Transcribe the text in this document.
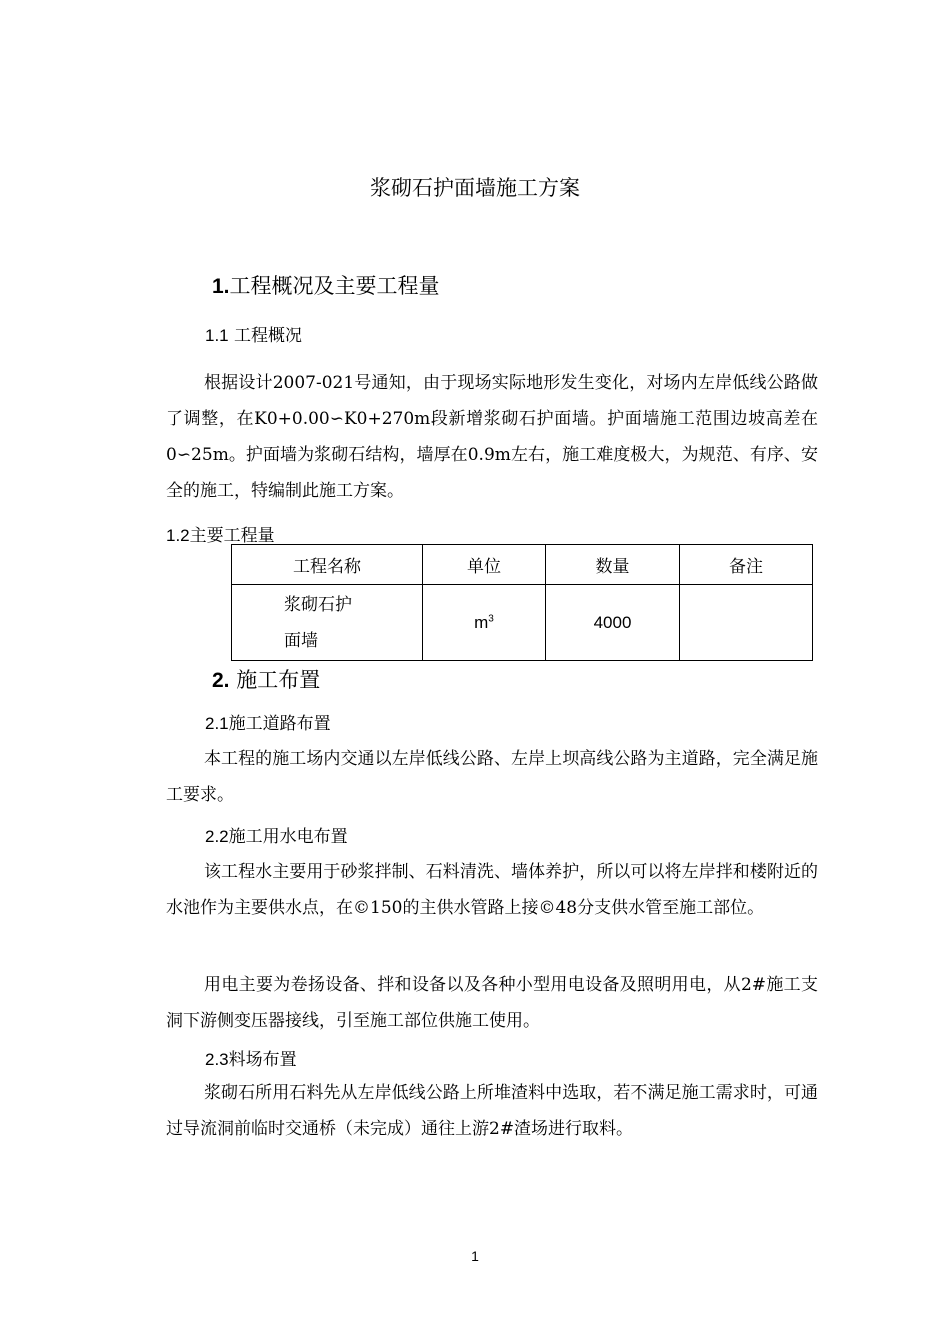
浆砌石护面墙施工方案
1.工程概况及主要工程量
1.1 工程概况
根据设计2007-021号通知，由于现场实际地形发生变化，对场内左岸低线公路做了调整，在K0+0.00∽K0+270m段新增浆砌石护面墙。护面墙施工范围边坡高差在0∽25m。护面墙为浆砌石结构，墙厚在0.9m左右，施工难度极大，为规范、有序、安全的施工，特编制此施工方案。
1.2主要工程量
工程名称	单位	数量	备注

浆砌石护面墙	$m^3$	4000	
2. 施工布置
2.1施工道路布置
本工程的施工场内交通以左岸低线公路、左岸上坝高线公路为主道路，完全满足施工要求。
2.2施工用水电布置
该工程水主要用于砂浆拌制、石料清洗、墙体养护，所以可以将左岸拌和楼附近的水池作为主要供水点，在©150的主供水管路上接©48分支供水管至施工部位。
用电主要为卷扬设备、拌和设备以及各种小型用电设备及照明用电，从2#施工支洞下游侧变压器接线，引至施工部位供施工使用。
2.3料场布置
浆砌石所用石料先从左岸低线公路上所堆渣料中选取，若不满足施工需求时，可通过导流洞前临时交通桥（未完成）通往上游2#渣场进行取料。
1
